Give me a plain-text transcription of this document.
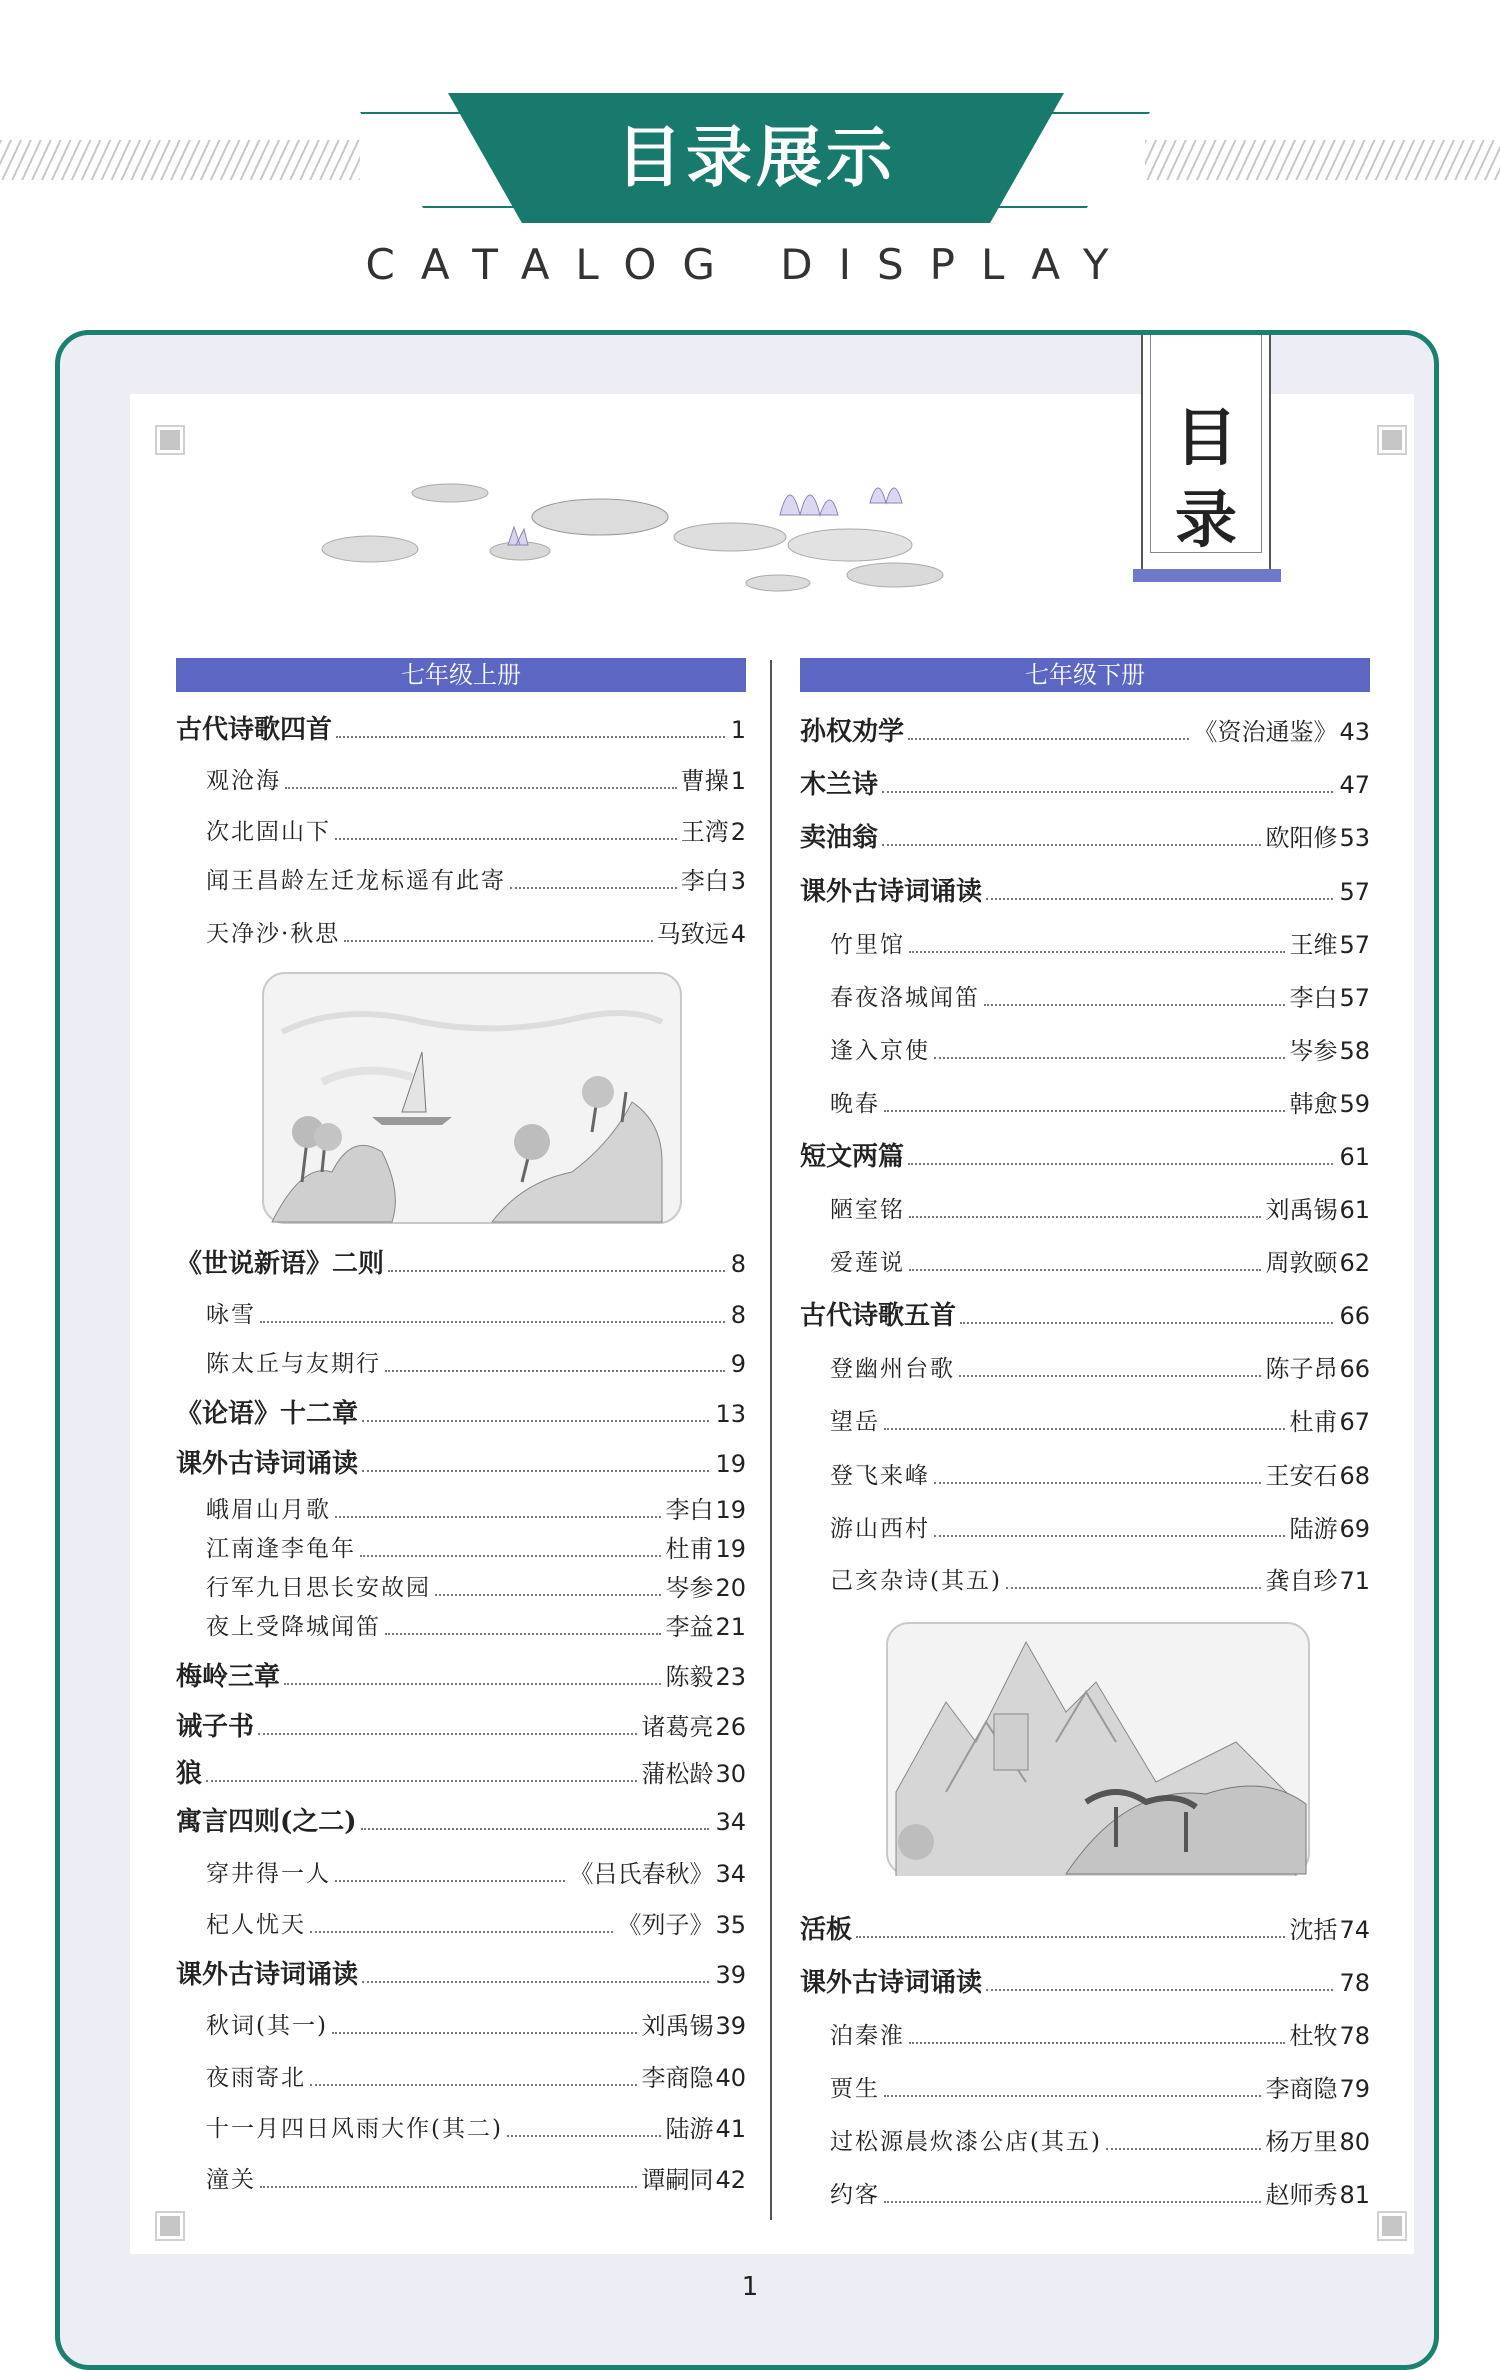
目录展示
CATALOG DISPLAY
目
录
七年级上册	七年级下册
古代诗歌四首	1
观沧海	曹操 1
次北固山下	王湾 2
闻王昌龄左迁龙标遥有此寄	李白 3
天净沙·秋思	马致远 4
《世说新语》二则	8
咏雪	8
陈太丘与友期行	9
《论语》十二章	13
课外古诗词诵读	19
峨眉山月歌	李白 19
江南逢李龟年	杜甫 19
行军九日思长安故园	岑参 20
夜上受降城闻笛	李益 21
梅岭三章	陈毅 23
诫子书	诸葛亮 26
狼	蒲松龄 30
寓言四则(之二)	34
穿井得一人	《吕氏春秋》 34
杞人忧天	《列子》 35
课外古诗词诵读	39
秋词(其一)	刘禹锡 39
夜雨寄北	李商隐 40
十一月四日风雨大作(其二)	陆游 41
潼关	谭嗣同 42
孙权劝学	《资治通鉴》 43
木兰诗	47
卖油翁	欧阳修 53
课外古诗词诵读	57
竹里馆	王维 57
春夜洛城闻笛	李白 57
逢入京使	岑参 58
晚春	韩愈 59
短文两篇	61
陋室铭	刘禹锡 61
爱莲说	周敦颐 62
古代诗歌五首	66
登幽州台歌	陈子昂 66
望岳	杜甫 67
登飞来峰	王安石 68
游山西村	陆游 69
己亥杂诗(其五)	龚自珍 71
活板	沈括 74
课外古诗词诵读	78
泊秦淮	杜牧 78
贾生	李商隐 79
过松源晨炊漆公店(其五)	杨万里 80
约客	赵师秀 81
1
